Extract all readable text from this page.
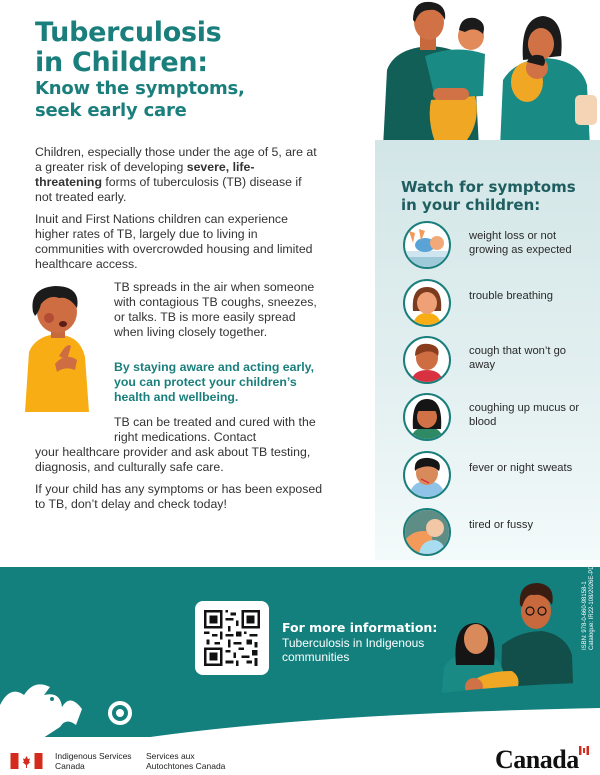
Tuberculosis
in Children:
Know the symptoms,
seek early care

Children, especially those under the age of 5, are at a greater risk of developing severe, life-threatening forms of tuberculosis (TB) disease if not treated early.

Inuit and First Nations children can experience higher rates of TB, largely due to living in communities with overcrowded housing and limited healthcare access.

TB spreads in the air when someone with contagious TB coughs, sneezes, or talks. TB is more easily spread when living closely together.

By staying aware and acting early, you can protect your children’s health and wellbeing.

TB can be treated and cured with the right medications. Contact

your healthcare provider and ask about TB testing, diagnosis, and culturally safe care.

If your child has any symptoms or has been exposed to TB, don’t delay and check today!

Watch for symptoms
in your children:
weight loss or not growing as expected
trouble breathing
cough that won’t go away
coughing up mucus or blood
fever or night sweats
tired or fussy
For more information:
Tuberculosis in Indigenous communities
ISBN: 978-0-660-98158-1 Catalogue: IR22-108/2026E-PDF
Indigenous Services
Canada
Services aux
Autochtones Canada	Canada
